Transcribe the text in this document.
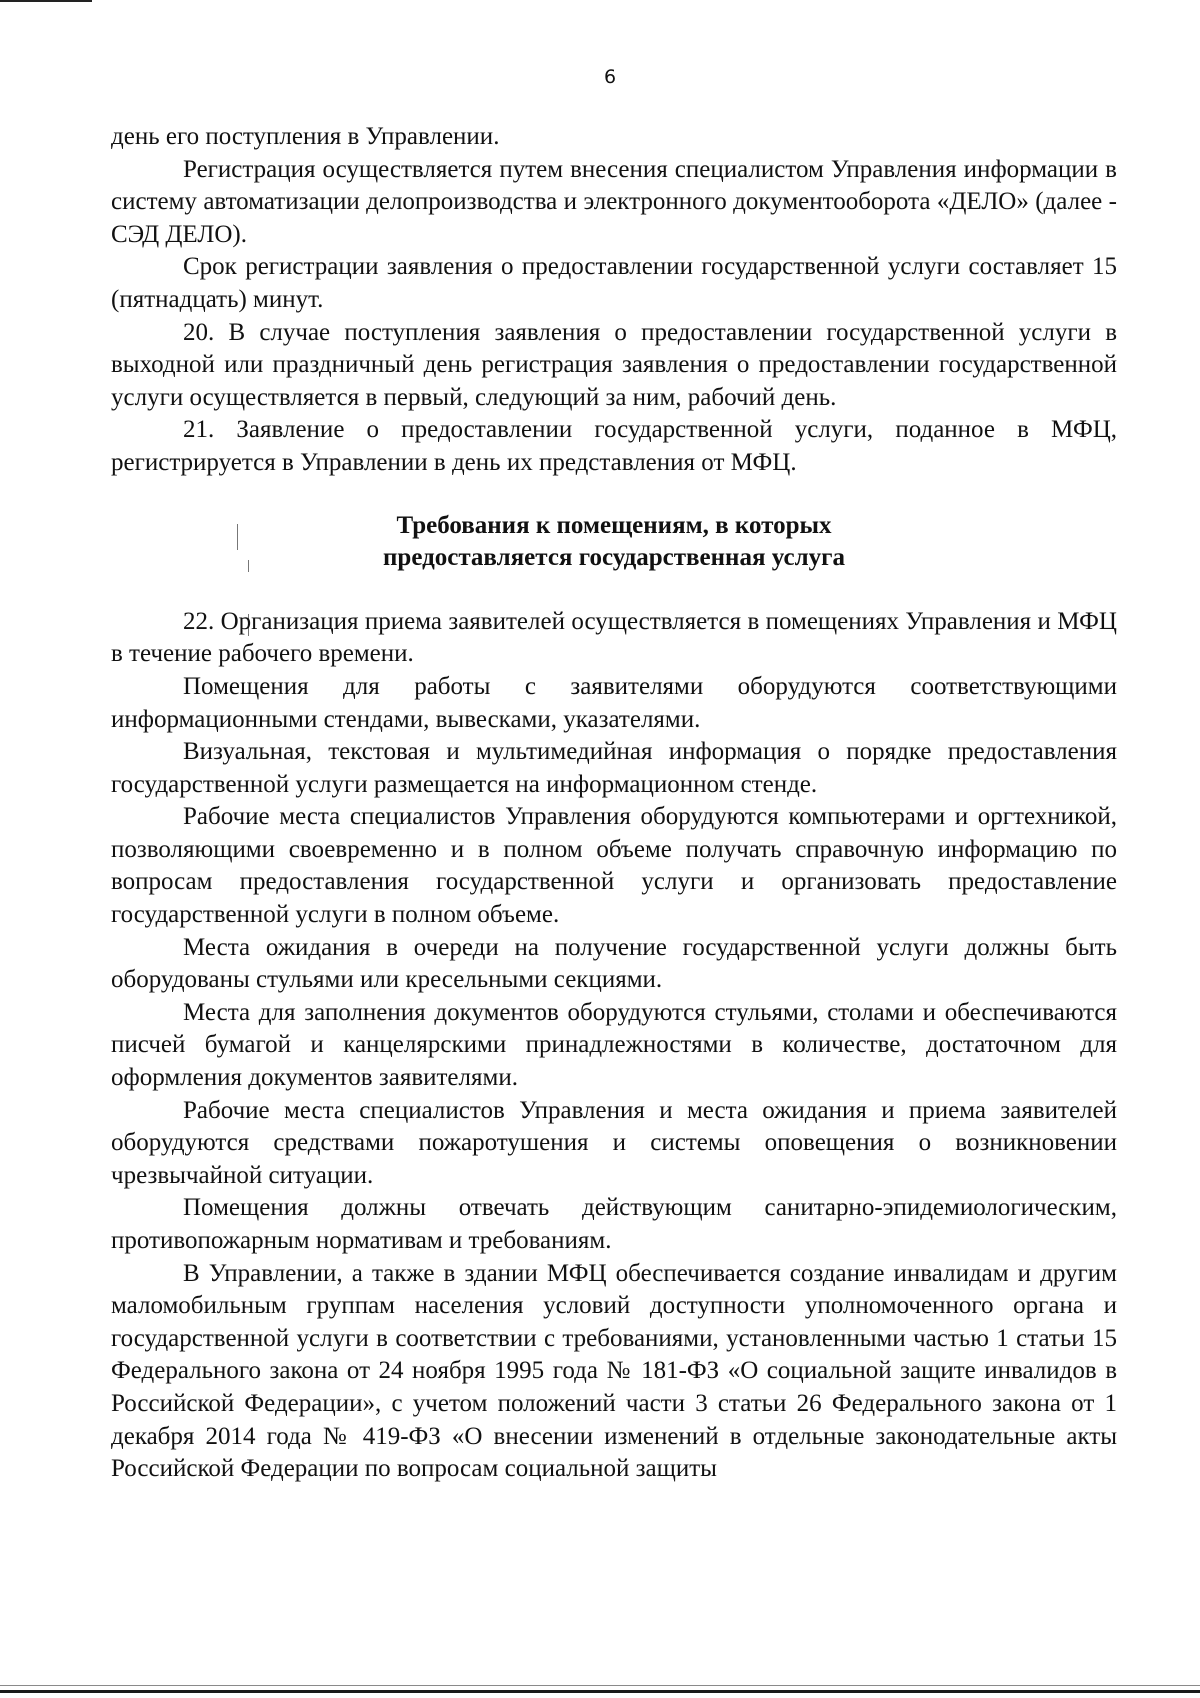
6

день его поступления в Управлении.

Регистрация осуществляется путем внесения специалистом Управления информации в систему автоматизации делопроизводства и электронного документооборота «ДЕЛО» (далее - СЭД ДЕЛО).

Срок регистрации заявления о предоставлении государственной услуги составляет 15 (пятнадцать) минут.

20. В случае поступления заявления о предоставлении государственной услуги в выходной или праздничный день регистрация заявления о предоставлении государственной услуги осуществляется в первый, следующий за ним, рабочий день.

21. Заявление о предоставлении государственной услуги, поданное в МФЦ, регистрируется в Управлении в день их представления от МФЦ.

Требования к помещениям, в которых
предоставляется государственная услуга

22. Организация приема заявителей осуществляется в помещениях Управления и МФЦ в течение рабочего времени.

Помещения для работы с заявителями оборудуются соответствующими информационными стендами, вывесками, указателями.

Визуальная, текстовая и мультимедийная информация о порядке предоставления государственной услуги размещается на информационном стенде.

Рабочие места специалистов Управления оборудуются компьютерами и оргтехникой, позволяющими своевременно и в полном объеме получать справочную информацию по вопросам предоставления государственной услуги и организовать предоставление государственной услуги в полном объеме.

Места ожидания в очереди на получение государственной услуги должны быть оборудованы стульями или кресельными секциями.

Места для заполнения документов оборудуются стульями, столами и обеспечиваются писчей бумагой и канцелярскими принадлежностями в количестве, достаточном для оформления документов заявителями.

Рабочие места специалистов Управления и места ожидания и приема заявителей оборудуются средствами пожаротушения и системы оповещения о возникновении чрезвычайной ситуации.

Помещения должны отвечать действующим санитарно-эпидемиологическим, противопожарным нормативам и требованиям.

В Управлении, а также в здании МФЦ обеспечивается создание инвалидам и другим маломобильным группам населения условий доступности уполномоченного органа и государственной услуги в соответствии с требованиями, установленными частью 1 статьи 15 Федерального закона от 24 ноября 1995 года № 181-ФЗ «О социальной защите инвалидов в Российской Федерации», с учетом положений части 3 статьи 26 Федерального закона от 1 декабря 2014 года № 419-ФЗ «О внесении изменений в отдельные законодательные акты Российской Федерации по вопросам социальной защиты
